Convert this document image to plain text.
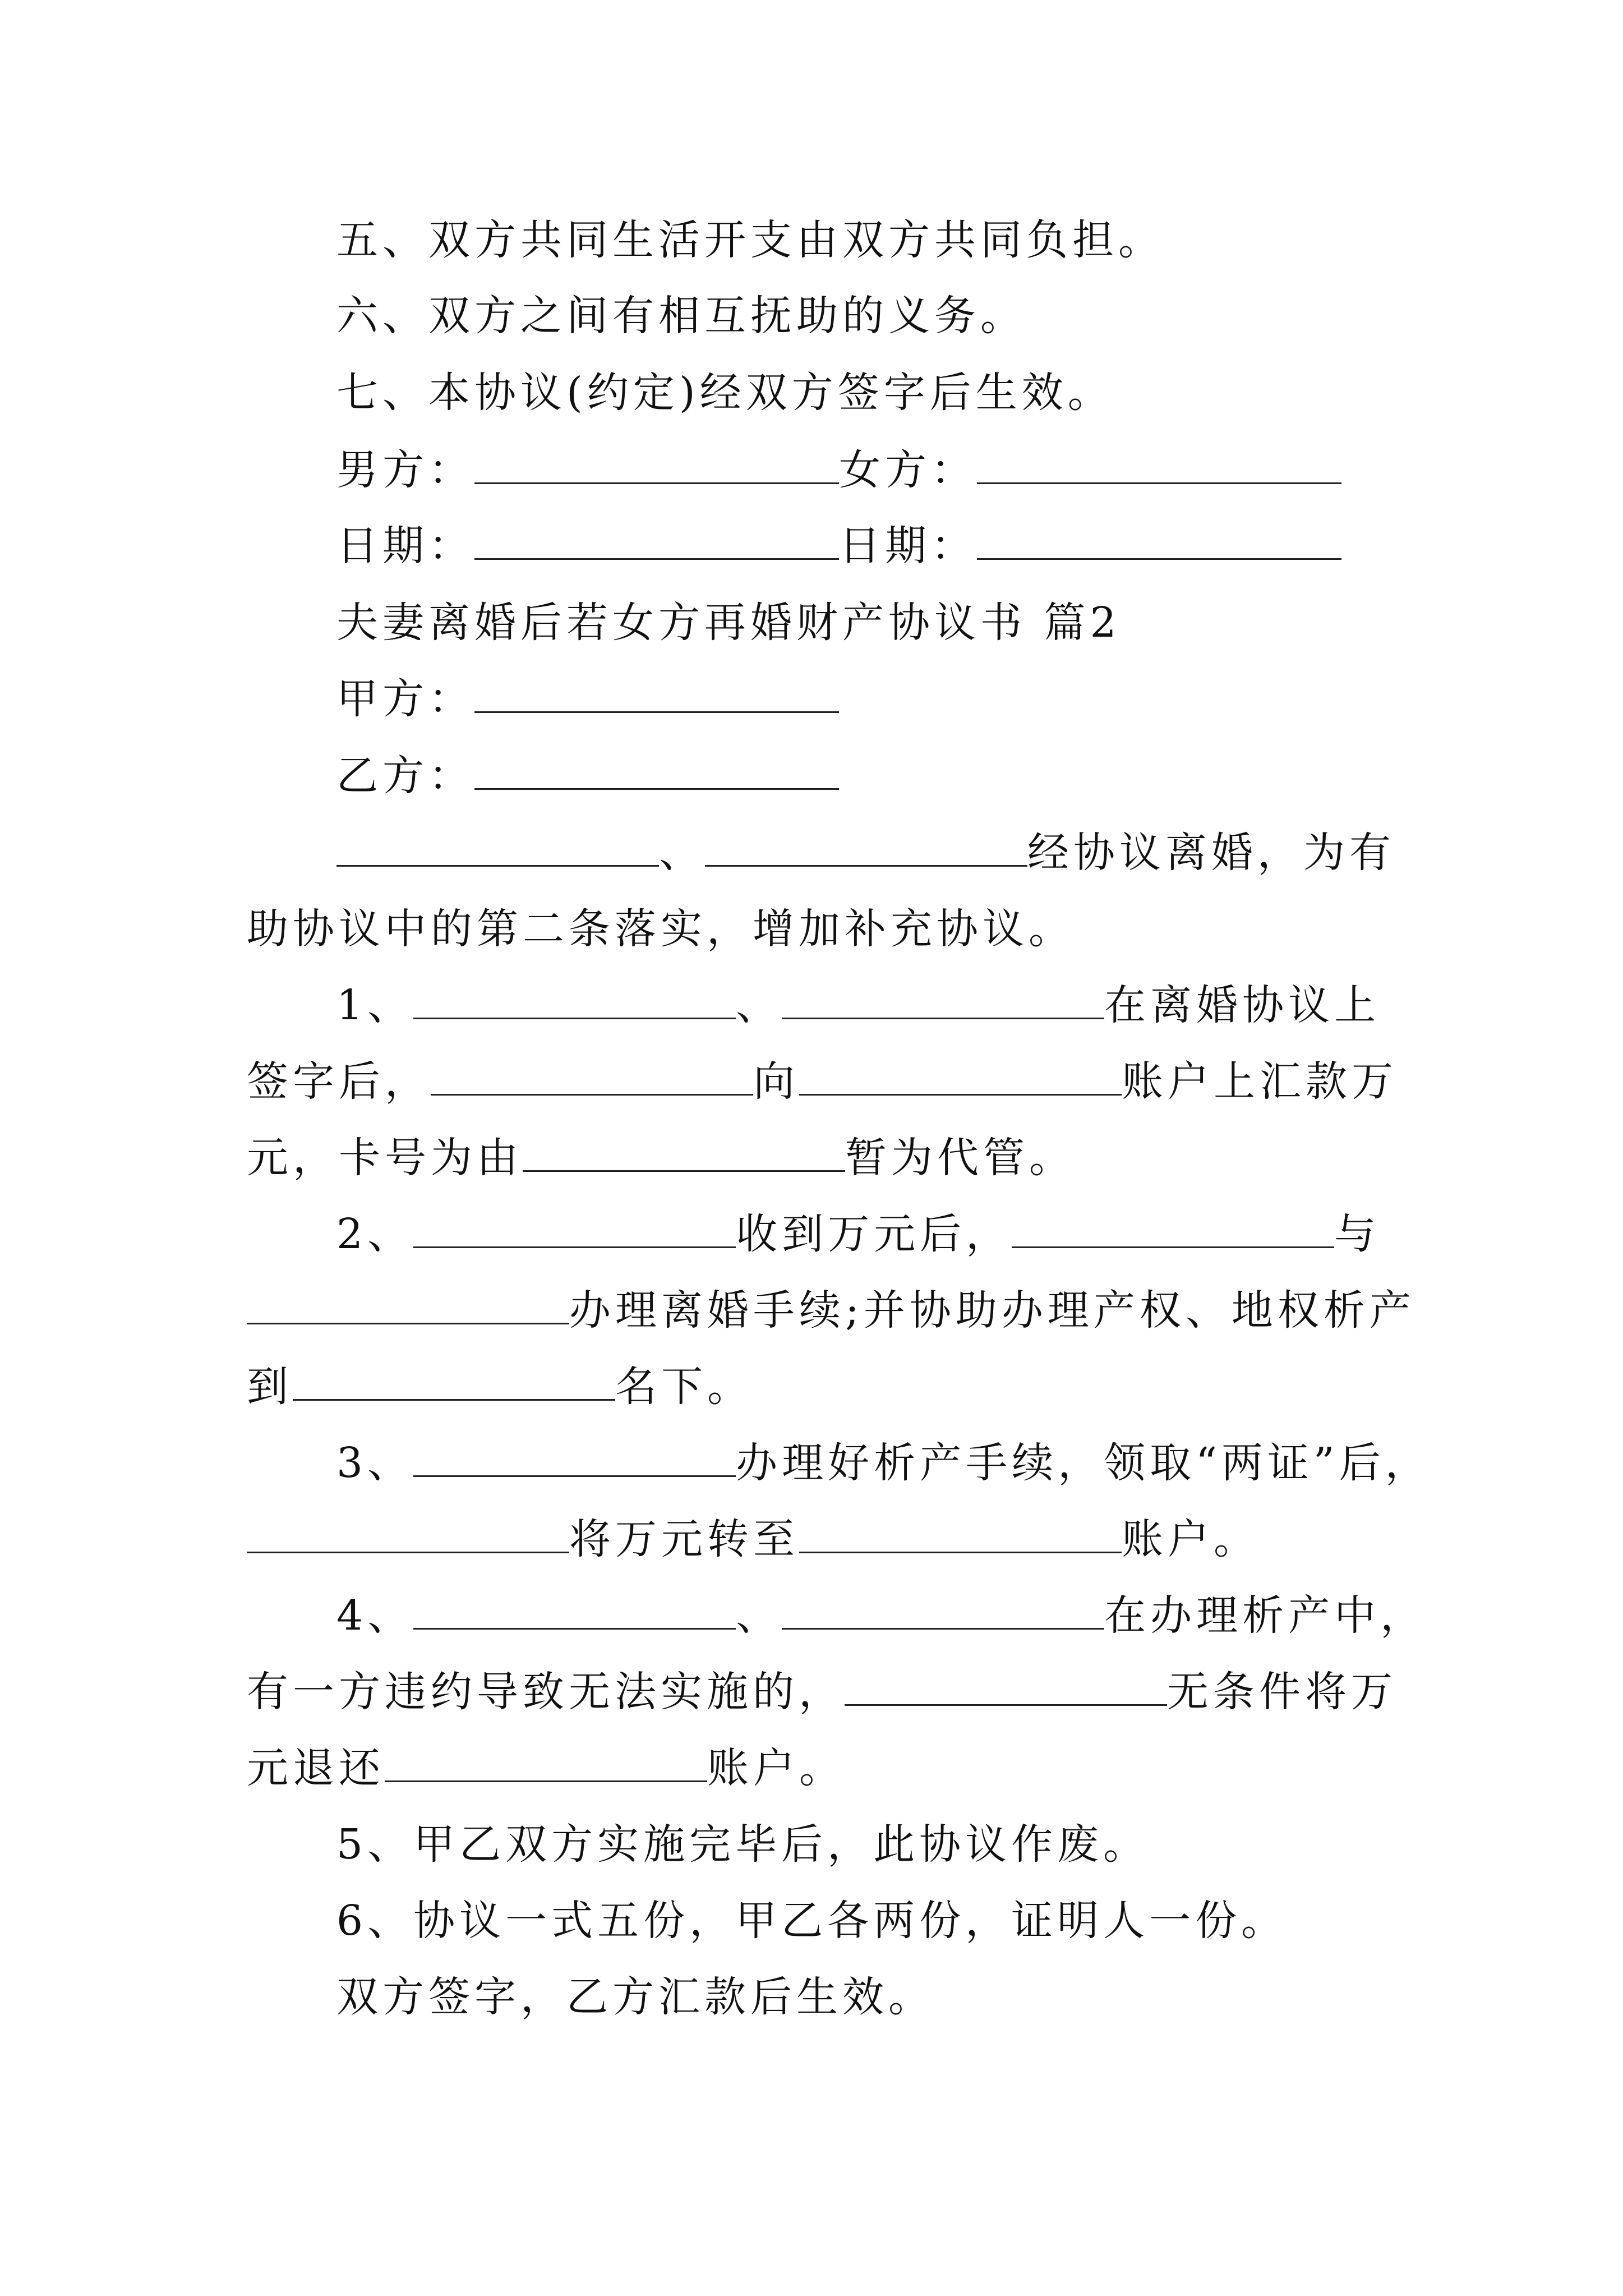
五、双方共同生活开支由双方共同负担。
六、双方之间有相互抚助的义务。
七、本协议(约定)经双方签字后生效。
男方：	女方：
日期：	日期：
夫妻离婚后若女方再婚财产协议书 篇2
甲方：
乙方：
、	经协议离婚，为有
助协议中的第二条落实，增加补充协议。
1、	、	在离婚协议上
签字后，	向	账户上汇款万
元，卡号为由	暂为代管。
2、	收到万元后，	与
办理离婚手续;并协助办理产权、地权析产
到	名下。
3、	办理好析产手续，领取“两证”后，
将万元转至	账户。
4、	、	在办理析产中，
有一方违约导致无法实施的，	无条件将万
元退还	账户。
5、甲乙双方实施完毕后，此协议作废。
6、协议一式五份，甲乙各两份，证明人一份。
双方签字，乙方汇款后生效。
